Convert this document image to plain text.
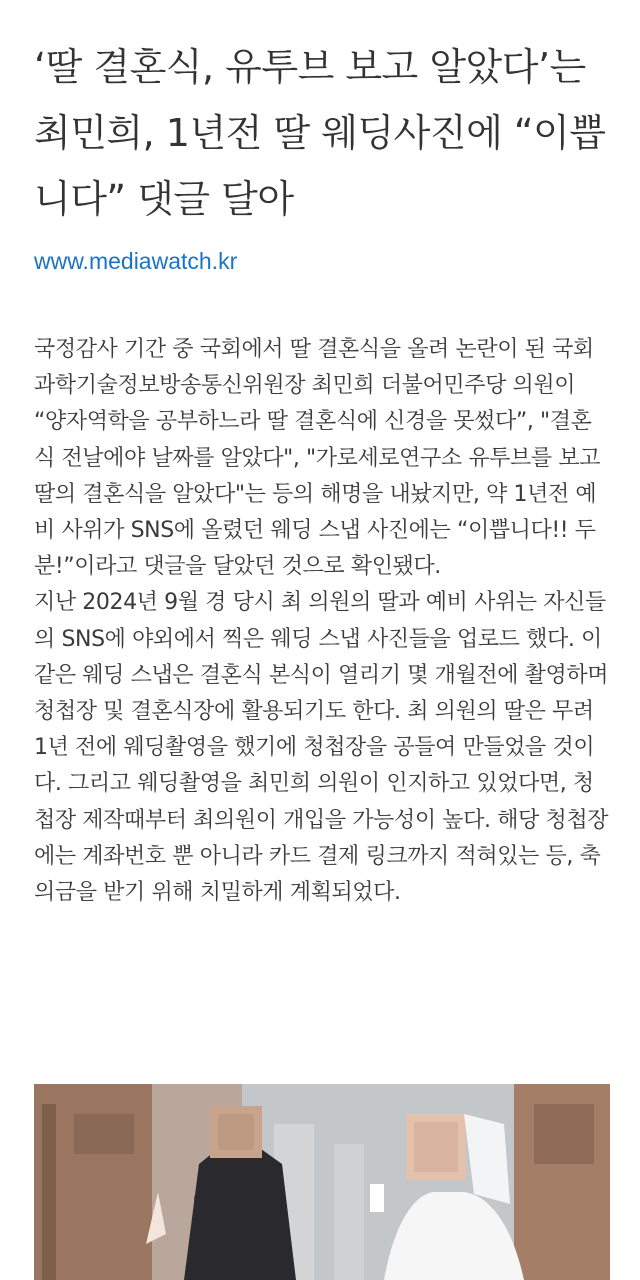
‘딸 결혼식, 유투브 보고 알았다’는 최민희, 1년전 딸 웨딩사진에 “이쁩니다” 댓글 달아
www.mediawatch.kr

국정감사 기간 중 국회에서 딸 결혼식을 올려 논란이 된 국회 과학기술정보방송통신위원장 최민희 더불어민주당 의원이 “양자역학을 공부하느라 딸 결혼식에 신경을 못썼다”, "결혼식 전날에야 날짜를 알았다", "가로세로연구소 유투브를 보고 딸의 결혼식을 알았다"는 등의 해명을 내놨지만, 약 1년전 예비 사위가 SNS에 올렸던 웨딩 스냅 사진에는 “이쁩니다!! 두 분!”이라고 댓글을 달았던 것으로 확인됐다.

지난 2024년 9월 경 당시 최 의원의 딸과 예비 사위는 자신들의 SNS에 야외에서 찍은 웨딩 스냅 사진들을 업로드 했다. 이같은 웨딩 스냅은 결혼식 본식이 열리기 몇 개월전에 촬영하며 청첩장 및 결혼식장에 활용되기도 한다. 최 의원의 딸은 무려 1년 전에 웨딩촬영을 했기에 청첩장을 공들여 만들었을 것이다. 그리고 웨딩촬영을 최민희 의원이 인지하고 있었다면, 청첩장 제작때부터 최의원이 개입을 가능성이 높다. 해당 청첩장에는 계좌번호 뿐 아니라 카드 결제 링크까지 적혀있는 등, 축의금을 받기 위해 치밀하게 계획되었다.
